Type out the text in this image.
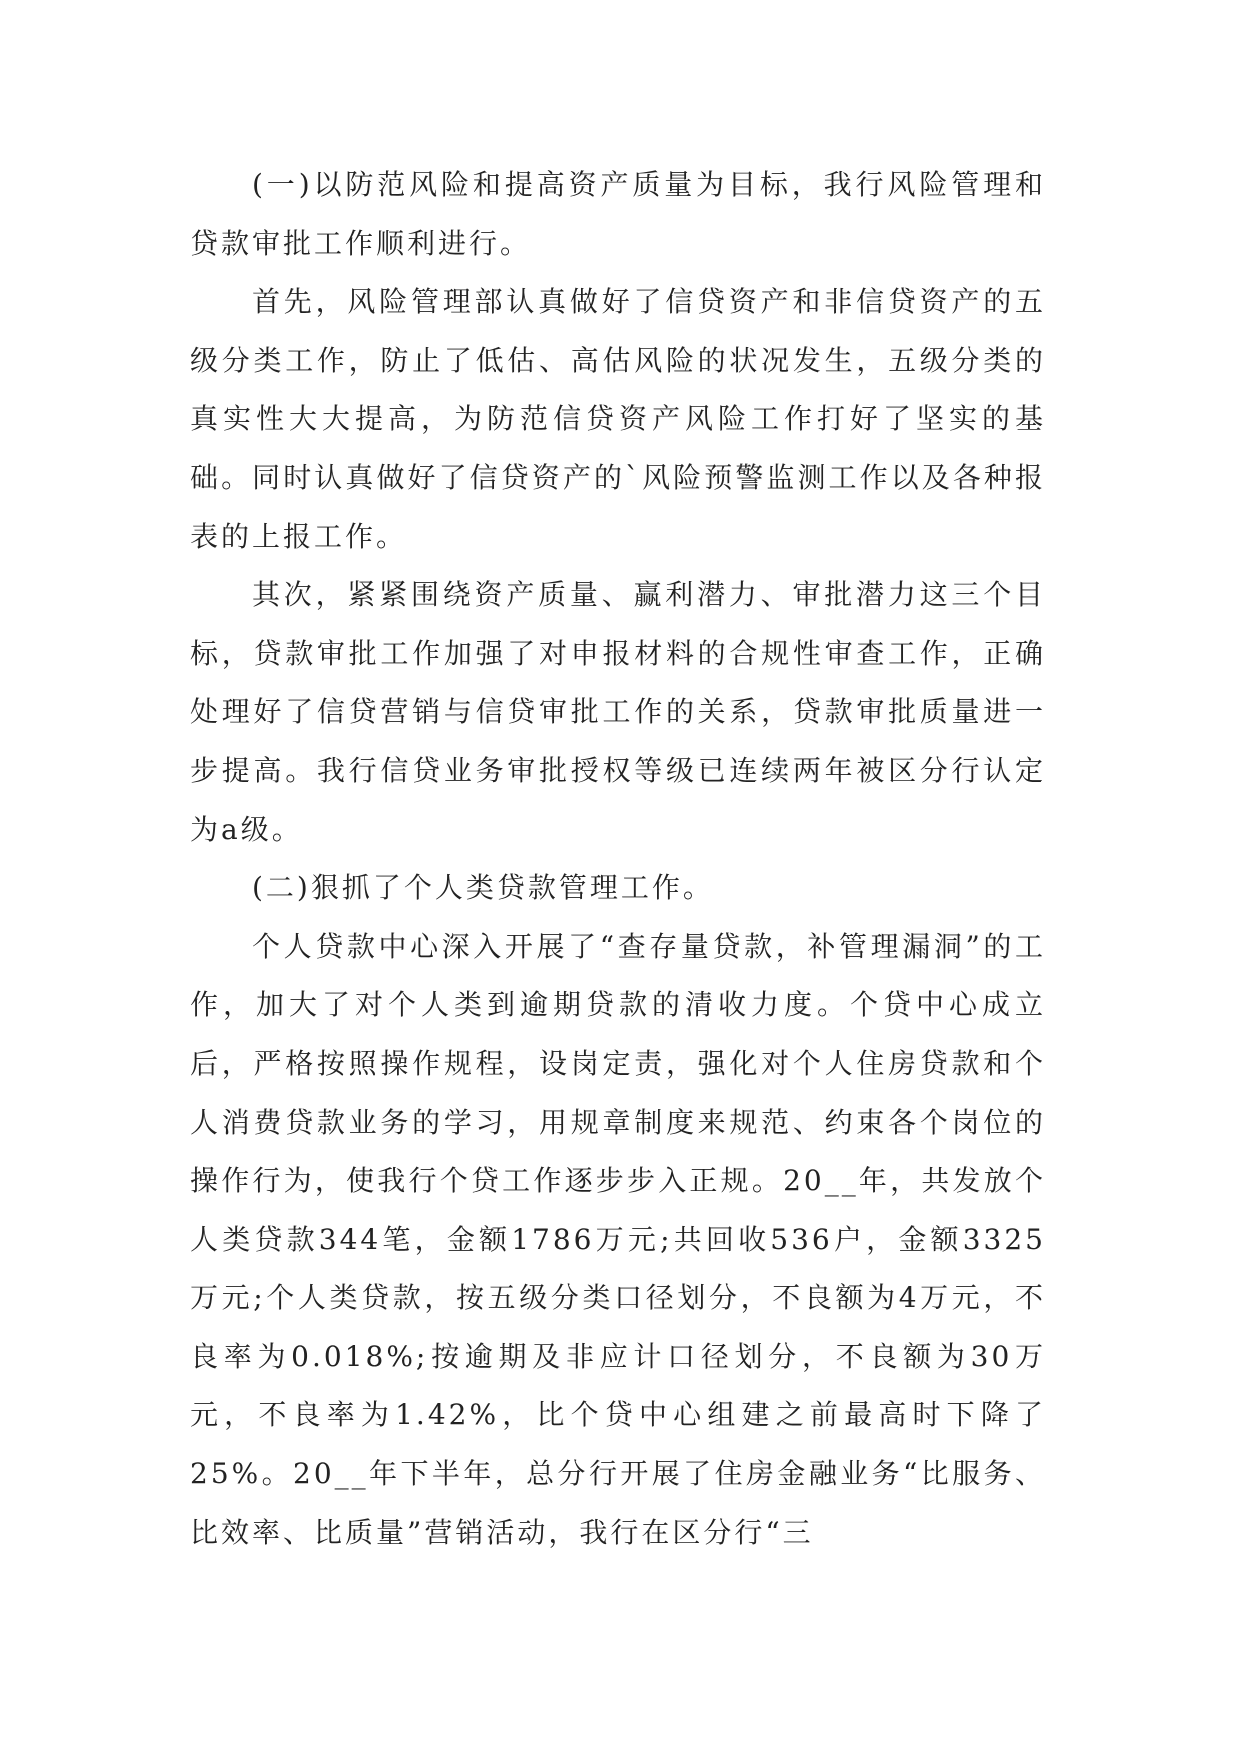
(一)以防范风险和提高资产质量为目标，我行风险管理和贷款审批工作顺利进行。

首先，风险管理部认真做好了信贷资产和非信贷资产的五级分类工作，防止了低估、高估风险的状况发生，五级分类的真实性大大提高，为防范信贷资产风险工作打好了坚实的基础。同时认真做好了信贷资产的`风险预警监测工作以及各种报表的上报工作。

其次，紧紧围绕资产质量、赢利潜力、审批潜力这三个目标，贷款审批工作加强了对申报材料的合规性审查工作，正确处理好了信贷营销与信贷审批工作的关系，贷款审批质量进一步提高。我行信贷业务审批授权等级已连续两年被区分行认定为a级。

(二)狠抓了个人类贷款管理工作。

个人贷款中心深入开展了“查存量贷款，补管理漏洞”的工作，加大了对个人类到逾期贷款的清收力度。个贷中心成立后，严格按照操作规程，设岗定责，强化对个人住房贷款和个人消费贷款业务的学习，用规章制度来规范、约束各个岗位的操作行为，使我行个贷工作逐步步入正规。20__年，共发放个人类贷款344笔，金额1786万元;共回收536户，金额3325万元;个人类贷款，按五级分类口径划分，不良额为4万元，不良率为0.018%;按逾期及非应计口径划分，不良额为30万元，不良率为1.42%，比个贷中心组建之前最高时下降了25%。20__年下半年，总分行开展了住房金融业务“比服务、比效率、比质量”营销活动，我行在区分行“三
